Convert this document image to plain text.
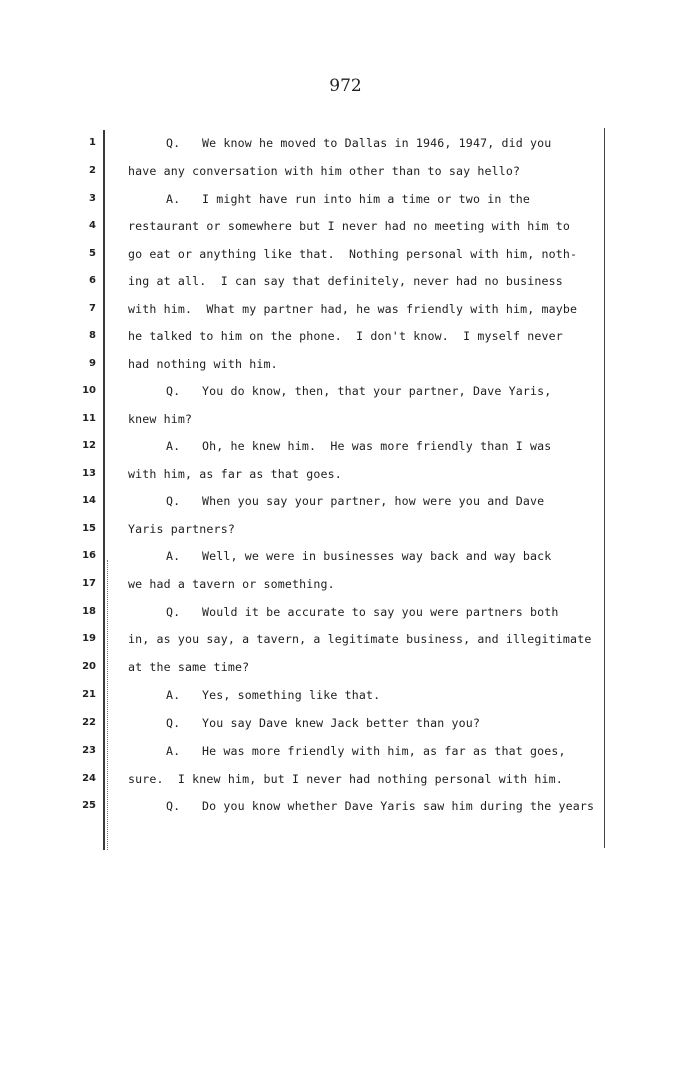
972
1	Q. We know he moved to Dallas in 1946, 1947, did you
2	have any conversation with him other than to say hello?
3	A. I might have run into him a time or two in the
4	restaurant or somewhere but I never had no meeting with him to
5	go eat or anything like that.  Nothing personal with him, noth-
6	ing at all.  I can say that definitely, never had no business
7	with him.  What my partner had, he was friendly with him, maybe
8	he talked to him on the phone.  I don't know.  I myself never
9	had nothing with him.
10	Q. You do know, then, that your partner, Dave Yaris,
11	knew him?
12	A. Oh, he knew him.  He was more friendly than I was
13	with him, as far as that goes.
14	Q. When you say your partner, how were you and Dave
15	Yaris partners?
16	A. Well, we were in businesses way back and way back
17	we had a tavern or something.
18	Q. Would it be accurate to say you were partners both
19	in, as you say, a tavern, a legitimate business, and illegitimate
20	at the same time?
21	A. Yes, something like that.
22	Q. You say Dave knew Jack better than you?
23	A. He was more friendly with him, as far as that goes,
24	sure.  I knew him, but I never had nothing personal with him.
25	Q. Do you know whether Dave Yaris saw him during the years
